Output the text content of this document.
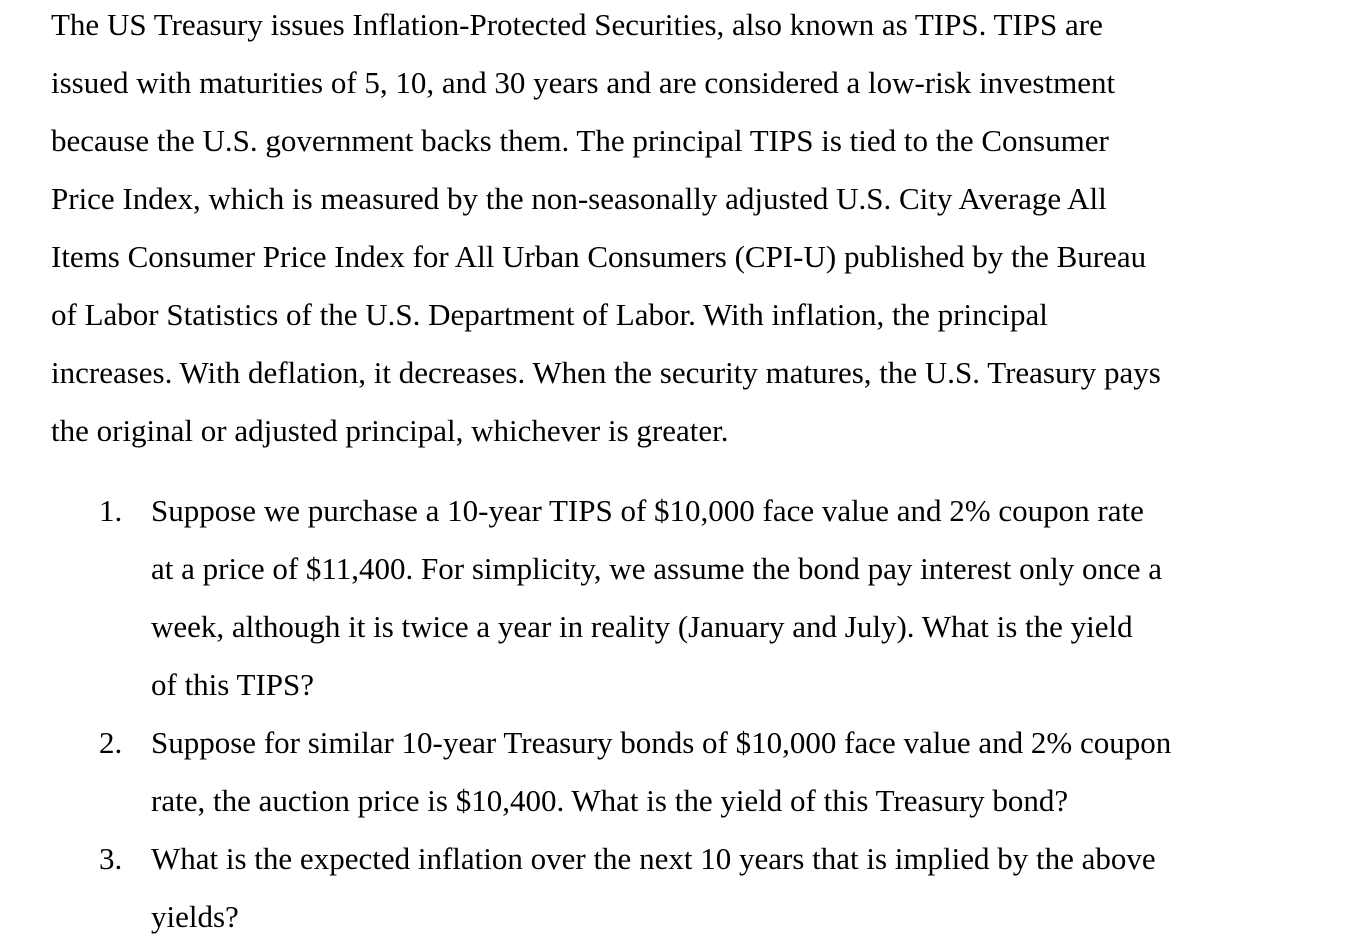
The US Treasury issues Inflation-Protected Securities, also known as TIPS. TIPS are
issued with maturities of 5, 10, and 30 years and are considered a low-risk investment
because the U.S. government backs them. The principal TIPS is tied to the Consumer
Price Index, which is measured by the non-seasonally adjusted U.S. City Average All
Items Consumer Price Index for All Urban Consumers (CPI-U) published by the Bureau
of Labor Statistics of the U.S. Department of Labor. With inflation, the principal
increases. With deflation, it decreases. When the security matures, the U.S. Treasury pays
the original or adjusted principal, whichever is greater.
1. Suppose we purchase a 10-year TIPS of $10,000 face value and 2% coupon rate
at a price of $11,400. For simplicity, we assume the bond pay interest only once a
week, although it is twice a year in reality (January and July). What is the yield
of this TIPS?
2. Suppose for similar 10-year Treasury bonds of $10,000 face value and 2% coupon
rate, the auction price is $10,400. What is the yield of this Treasury bond?
3. What is the expected inflation over the next 10 years that is implied by the above
yields?
